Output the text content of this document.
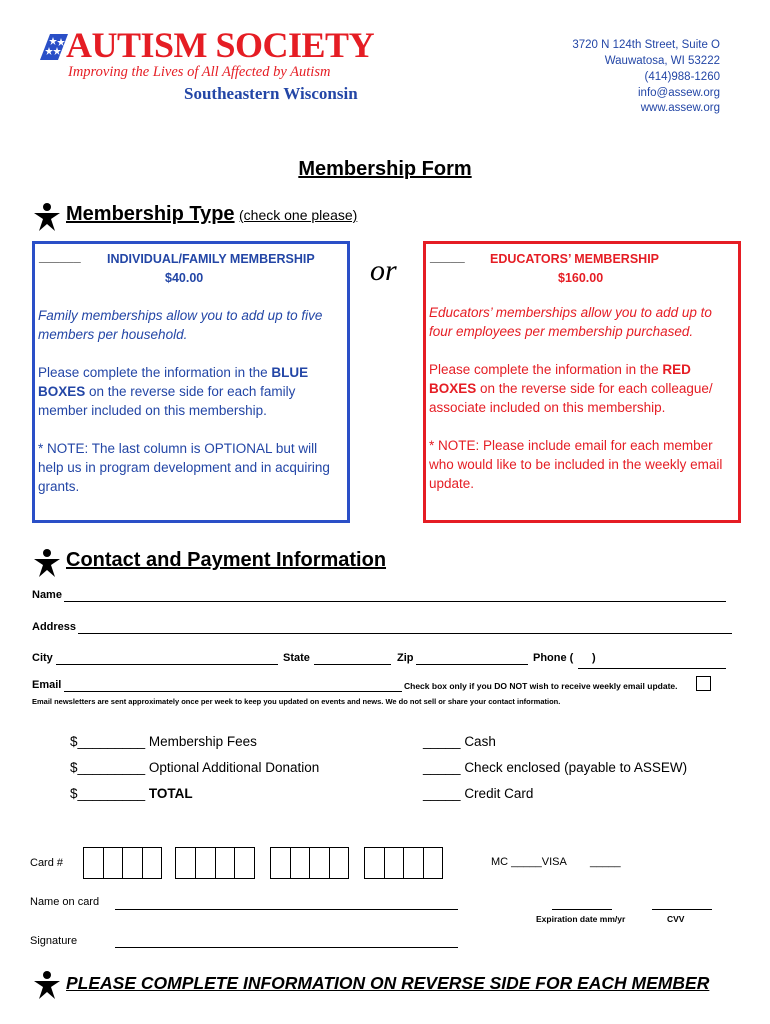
AUTISM SOCIETY
Improving the Lives of All Affected by Autism
Southeastern Wisconsin
3720 N 124th Street, Suite O
Wauwatosa, WI 53222
(414)988-1260
info@assew.org
www.assew.org
Membership Form
Membership Type (check one please)
______ INDIVIDUAL/FAMILY MEMBERSHIP
$40.00
Family memberships allow you to add up to five members per household.
Please complete the information in the BLUE BOXES on the reverse side for each family member included on this membership.
* NOTE: The last column is OPTIONAL but will help us in program development and in acquiring grants.
or	_____ EDUCATORS’ MEMBERSHIP
$160.00
Educators’ memberships allow you to add up to four employees per membership purchased.
Please complete the information in the RED BOXES on the reverse side for each colleague/ associate included on this membership.
* NOTE: Please include email for each member who would like to be included in the weekly email update.
Contact and Payment Information
Name
Address
City	State	Zip	Phone ( )
Email	Check box only if you DO NOT wish to receive weekly email update.
Email newsletters are sent approximately once per week to keep you updated on events and news. We do not sell or share your contact information.
$_________ Membership Fees
$_________ Optional Additional Donation
$_________ TOTAL
_____ Cash
_____ Check enclosed (payable to ASSEW)
_____ Credit Card
Card #	MC _____VISA _____
Name on card
Expiration date mm/yr	CVV
Signature
PLEASE COMPLETE INFORMATION ON REVERSE SIDE FOR EACH MEMBER
